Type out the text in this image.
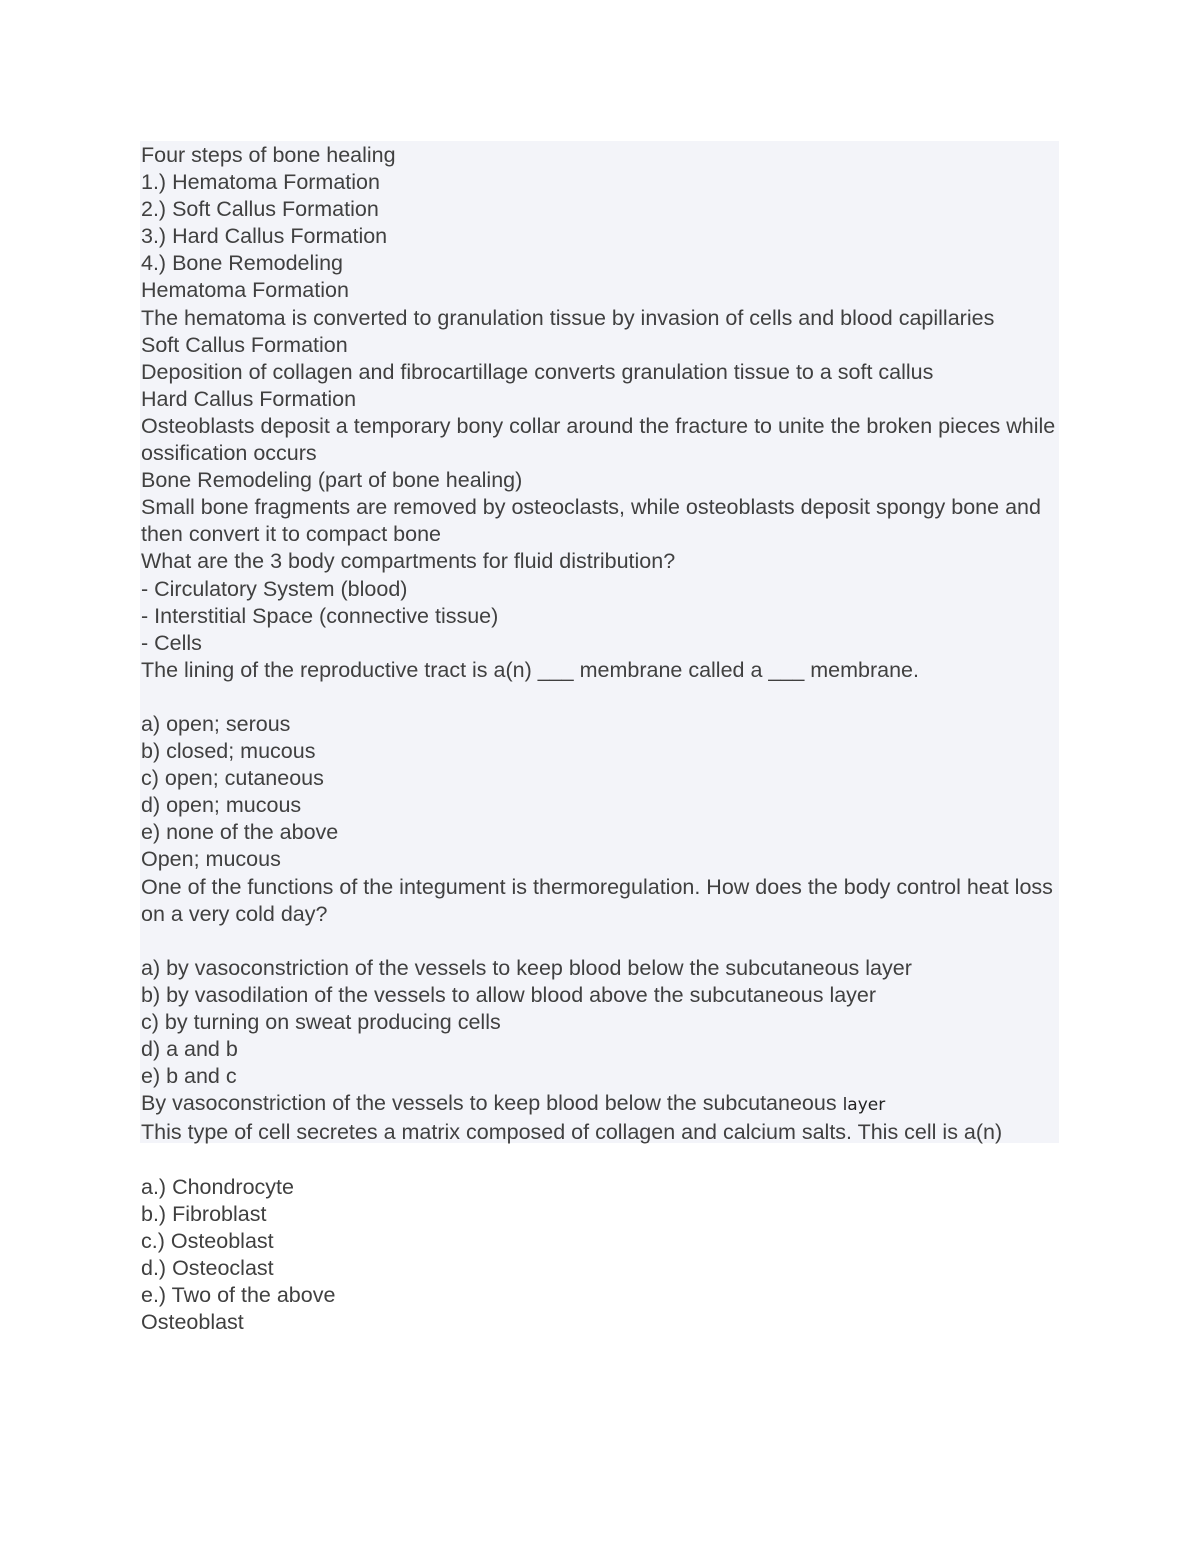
Four steps of bone healing
1.) Hematoma Formation
2.) Soft Callus Formation
3.) Hard Callus Formation
4.) Bone Remodeling
Hematoma Formation
The hematoma is converted to granulation tissue by invasion of cells and blood capillaries
Soft Callus Formation
Deposition of collagen and fibrocartillage converts granulation tissue to a soft callus
Hard Callus Formation
Osteoblasts deposit a temporary bony collar around the fracture to unite the broken pieces while ossification occurs
Bone Remodeling (part of bone healing)
Small bone fragments are removed by osteoclasts, while osteoblasts deposit spongy bone and then convert it to compact bone
What are the 3 body compartments for fluid distribution?
- Circulatory System (blood)
- Interstitial Space (connective tissue)
- Cells
The lining of the reproductive tract is a(n) ___ membrane called a ___ membrane.
a) open; serous
b) closed; mucous
c) open; cutaneous
d) open; mucous
e) none of the above
Open; mucous
One of the functions of the integument is thermoregulation. How does the body control heat loss on a very cold day?
a) by vasoconstriction of the vessels to keep blood below the subcutaneous layer
b) by vasodilation of the vessels to allow blood above the subcutaneous layer
c) by turning on sweat producing cells
d) a and b
e) b and c
By vasoconstriction of the vessels to keep blood below the subcutaneous layer
This type of cell secretes a matrix composed of collagen and calcium salts. This cell is a(n)
a.) Chondrocyte
b.) Fibroblast
c.) Osteoblast
d.) Osteoclast
e.) Two of the above
Osteoblast
